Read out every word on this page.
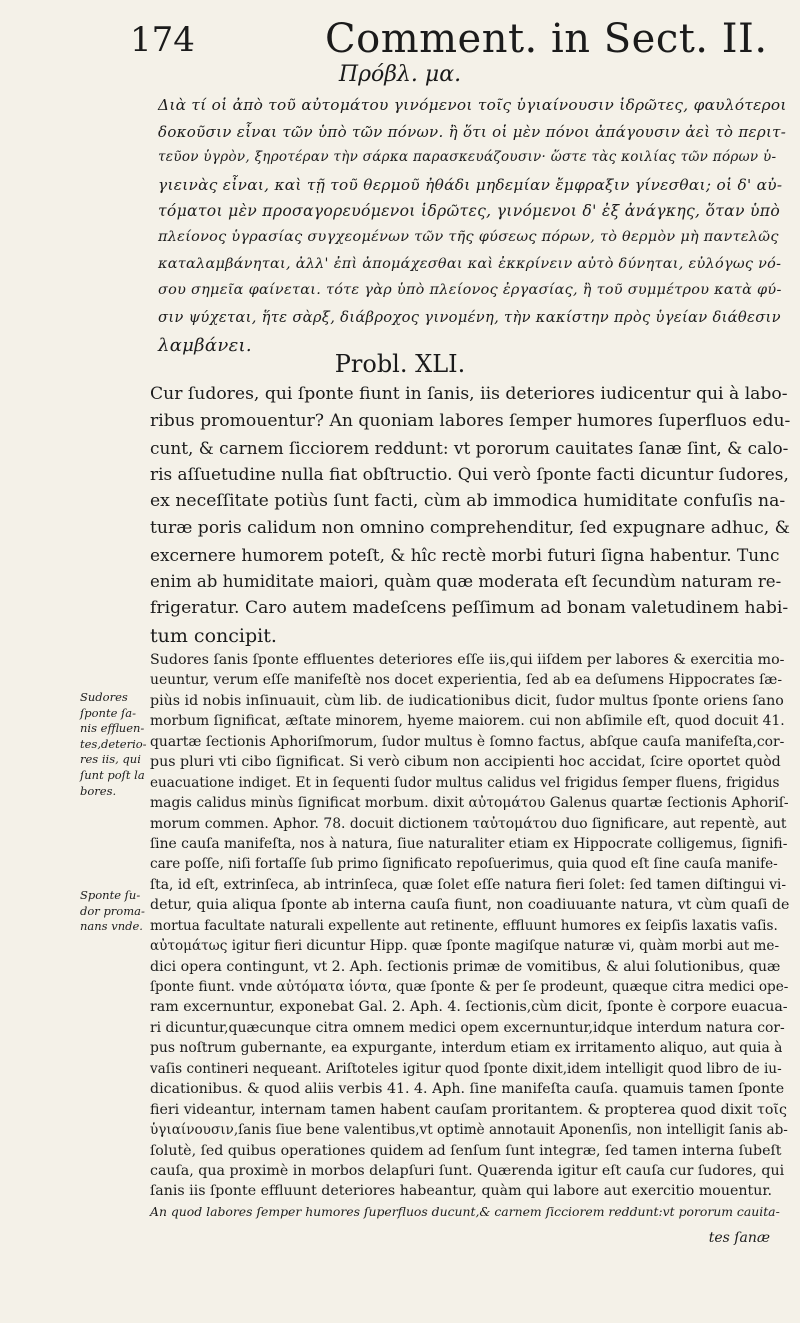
174	Comment. in Sect. II.
Πρόβλ. μα.
Διὰ τί οἱ ἀπὸ τοῦ αὐτομάτου γινόμενοι τοῖς ὑγιαίνουσιν ἱδρῶτες, φαυλότεροι
δοκοῦσιν εἶναι τῶν ὑπὸ τῶν πόνων. ἢ ὅτι οἱ μὲν πόνοι ἀπάγουσιν ἀεὶ τὸ περιτ-
τεῦον ὑγρὸν, ξηροτέραν τὴν σάρκα παρασκευάζουσιν· ὥστε τὰς κοιλίας τῶν πόρων ὑ-
γιεινὰς εἶναι, καὶ τῇ τοῦ θερμοῦ ἠθάδι μηδεμίαν ἔμφραξιν γίνεσθαι; οἱ δ' αὐ-
τόματοι μὲν προσαγορευόμενοι ἱδρῶτες, γινόμενοι δ' ἐξ ἀνάγκης, ὅταν ὑπὸ
πλείονος ὑγρασίας συγχεομένων τῶν τῆς φύσεως πόρων, τὸ θερμὸν μὴ παντελῶς
καταλαμβάνηται, ἀλλ' ἐπὶ ἀπομάχεσθαι καὶ ἐκκρίνειν αὐτὸ δύνηται, εὐλόγως νό-
σου σημεῖα φαίνεται. τότε γὰρ ὑπὸ πλείονος ἐργασίας, ἢ τοῦ συμμέτρου κατὰ φύ-
σιν ψύχεται, ἥτε σὰρξ, διάβροχος γινομένη, τὴν κακίστην πρὸς ὑγείαν διάθεσιν
λαμβάνει.
Probl. XLI.
Cur ſudores, qui ſponte fiunt in ſanis, iis deteriores iudicentur qui à labo-
ribus promouentur? An quoniam labores ſemper humores ſuperfluos edu-
cunt, & carnem ſicciorem reddunt: vt pororum cauitates ſanæ ſint, & calo-
ris aſſuetudine nulla fiat obſtructio. Qui verò ſponte facti dicuntur ſudores,
ex neceſſitate potiùs ſunt facti, cùm ab immodica humiditate confuſis na-
turæ poris calidum non omnino comprehenditur, ſed expugnare adhuc, &
excernere humorem poteſt, & hîc rectè morbi futuri ſigna habentur. Tunc
enim ab humiditate maiori, quàm quæ moderata eſt ſecundùm naturam re-
frigeratur. Caro autem madeſcens peſſimum ad bonam valetudinem habi-
tum concipit.
Sudores
ſponte ſa-
nis effluen-
tes,deterio-
res iis, qui
ſunt poſt la
bores.
Sponte ſu-
dor proma-
nans vnde.
Sudores ſanis ſponte effluentes deteriores eſſe iis,qui iiſdem per labores & exercitia mo-
ueuntur, verum eſſe manifeſtè nos docet experientia, ſed ab ea deſumens Hippocrates ſæ-
piùs id nobis inſinuauit, cùm lib. de iudicationibus dicit, ſudor multus ſponte oriens ſano
morbum ſignificat, æſtate minorem, hyeme maiorem. cui non abſimile eſt, quod docuit 41.
quartæ ſectionis Aphoriſmorum, ſudor multus è ſomno factus, abſque cauſa manifeſta,cor-
pus pluri vti cibo ſignificat. Si verò cibum non accipienti hoc accidat, ſcire oportet quòd
euacuatione indiget. Et in ſequenti ſudor multus calidus vel frigidus ſemper fluens, frigidus
magis calidus minùs ſignificat morbum. dixit αὐτομάτου Galenus quartæ ſectionis Aphoriſ-
morum commen. Aphor. 78. docuit dictionem ταὐτομάτου duo ſignificare, aut repentè, aut
ſine cauſa manifeſta, nos à natura, ſiue naturaliter etiam ex Hippocrate colligemus, ſignifi-
care poſſe, niſi fortaſſe ſub primo ſignificato repoſuerimus, quia quod eſt ſine cauſa manife-
ſta, id eſt, extrinſeca, ab intrinſeca, quæ ſolet eſſe natura fieri ſolet: ſed tamen diſtingui vi-
detur, quia aliqua ſponte ab interna cauſa fiunt, non coadiuuante natura, vt cùm quaſi de
mortua facultate naturali expellente aut retinente, effluunt humores ex ſeipſis laxatis vaſis.
αὐτομάτως igitur fieri dicuntur Hipp. quæ ſponte magiſque naturæ vi, quàm morbi aut me-
dici opera contingunt, vt 2. Aph. ſectionis primæ de vomitibus, & alui ſolutionibus, quæ
ſponte fiunt. vnde αὐτόματα ἰόντα, quæ ſponte & per ſe prodeunt, quæque citra medici ope-
ram excernuntur, exponebat Gal. 2. Aph. 4. ſectionis,cùm dicit, ſponte è corpore euacua-
ri dicuntur,quæcunque citra omnem medici opem excernuntur,idque interdum natura cor-
pus noſtrum gubernante, ea expurgante, interdum etiam ex irritamento aliquo, aut quia à
vaſis contineri nequeant. Ariſtoteles igitur quod ſponte dixit,idem intelligit quod libro de iu-
dicationibus. & quod aliis verbis 41. 4. Aph. ſine manifeſta cauſa. quamuis tamen ſponte
fieri videantur, internam tamen habent cauſam proritantem. & propterea quod dixit τοῖς
ὑγιαίνουσιν,ſanis ſiue bene valentibus,vt optimè annotauit Aponenſis, non intelligit ſanis ab-
ſolutè, ſed quibus operationes quidem ad ſenſum ſunt integræ, ſed tamen interna ſubeſt
cauſa, qua proximè in morbos delapſuri ſunt. Quærenda igitur eſt cauſa cur ſudores, qui
ſanis iis ſponte effluunt deteriores habeantur, quàm qui labore aut exercitio mouentur.
An quod labores ſemper humores ſuperfluos ducunt,& carnem ſicciorem reddunt:vt pororum cauita-
tes ſanæ
